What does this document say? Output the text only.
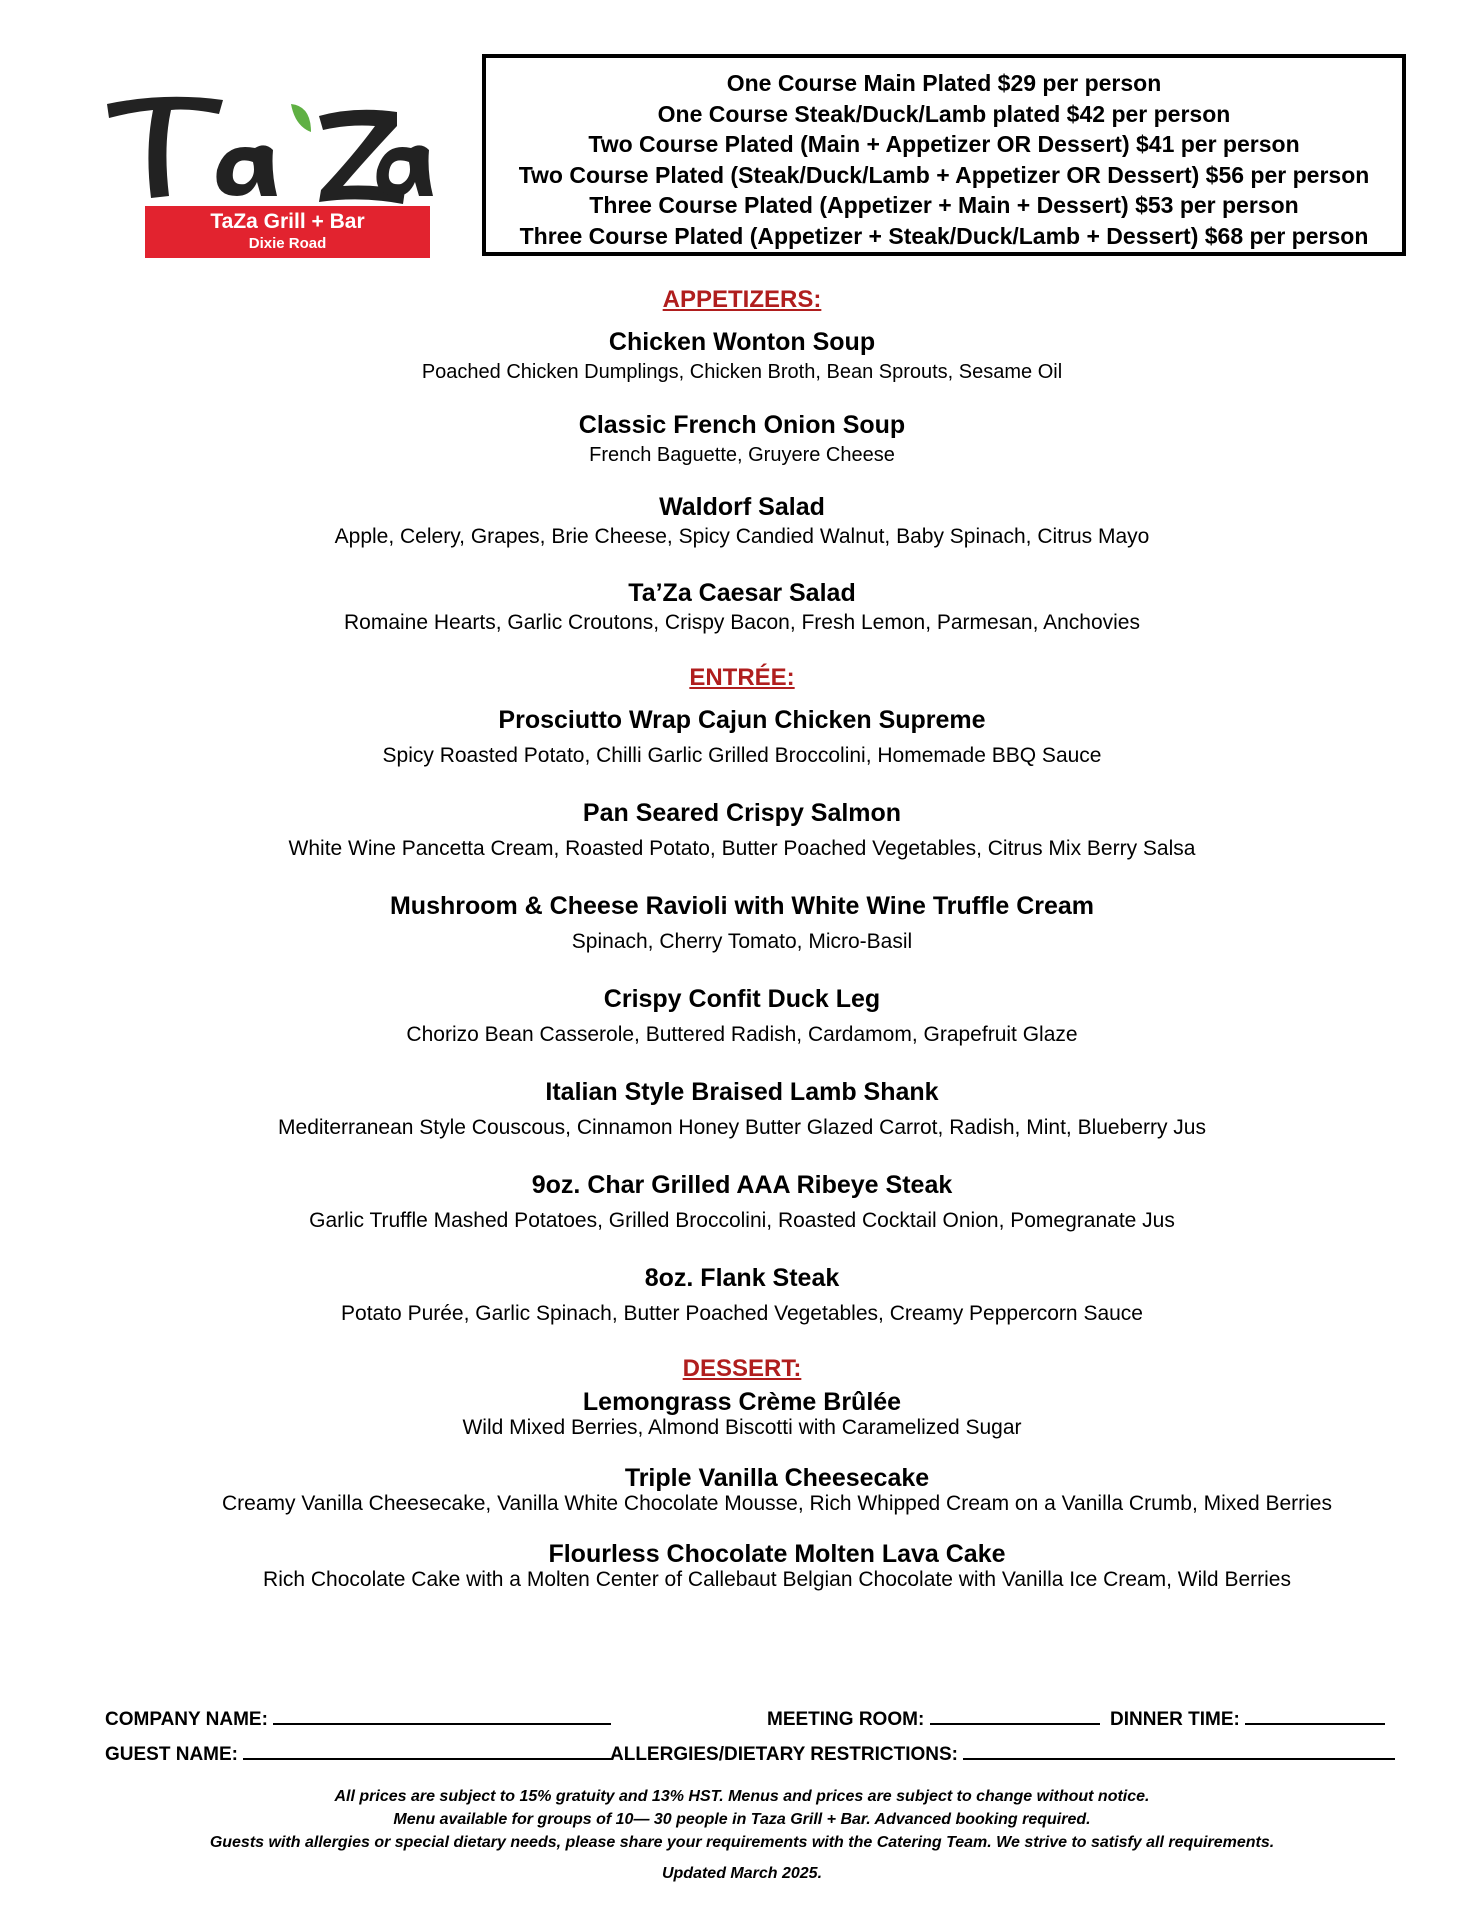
TaZa Grill + Bar
Dixie Road
One Course Main Plated $29 per person
One Course Steak/Duck/Lamb plated $42 per person
Two Course Plated (Main + Appetizer OR Dessert) $41 per person
Two Course Plated (Steak/Duck/Lamb + Appetizer OR Dessert) $56 per person
Three Course Plated (Appetizer + Main + Dessert) $53 per person
Three Course Plated (Appetizer + Steak/Duck/Lamb + Dessert) $68 per person
APPETIZERS:
Chicken Wonton Soup
Poached Chicken Dumplings, Chicken Broth, Bean Sprouts, Sesame Oil
Classic French Onion Soup
French Baguette, Gruyere Cheese
Waldorf Salad
Apple, Celery, Grapes, Brie Cheese, Spicy Candied Walnut, Baby Spinach, Citrus Mayo
Ta’Za Caesar Salad
Romaine Hearts, Garlic Croutons, Crispy Bacon, Fresh Lemon, Parmesan, Anchovies
ENTRÉE:
Prosciutto Wrap Cajun Chicken Supreme
Spicy Roasted Potato, Chilli Garlic Grilled Broccolini, Homemade BBQ Sauce
Pan Seared Crispy Salmon
White Wine Pancetta Cream, Roasted Potato, Butter Poached Vegetables, Citrus Mix Berry Salsa
Mushroom & Cheese Ravioli with White Wine Truffle Cream
Spinach, Cherry Tomato, Micro-Basil
Crispy Confit Duck Leg
Chorizo Bean Casserole, Buttered Radish, Cardamom, Grapefruit Glaze
Italian Style Braised Lamb Shank
Mediterranean Style Couscous, Cinnamon Honey Butter Glazed Carrot, Radish, Mint, Blueberry Jus
9oz. Char Grilled AAA Ribeye Steak
Garlic Truffle Mashed Potatoes, Grilled Broccolini, Roasted Cocktail Onion, Pomegranate Jus
8oz. Flank Steak
Potato Purée, Garlic Spinach, Butter Poached Vegetables, Creamy Peppercorn Sauce
DESSERT:
Lemongrass Crème Brûlée
Wild Mixed Berries, Almond Biscotti with Caramelized Sugar
Triple Vanilla Cheesecake
Creamy Vanilla Cheesecake, Vanilla White Chocolate Mousse, Rich Whipped Cream on a Vanilla Crumb, Mixed Berries
Flourless Chocolate Molten Lava Cake
Rich Chocolate Cake with a Molten Center of Callebaut Belgian Chocolate with Vanilla Ice Cream, Wild Berries
COMPANY NAME:	MEETING ROOM:	DINNER TIME:
GUEST NAME:	ALLERGIES/DIETARY RESTRICTIONS:
All prices are subject to 15% gratuity and 13% HST. Menus and prices are subject to change without notice.
Menu available for groups of 10— 30 people in Taza Grill + Bar. Advanced booking required.
Guests with allergies or special dietary needs, please share your requirements with the Catering Team. We strive to satisfy all requirements.
Updated March 2025.
